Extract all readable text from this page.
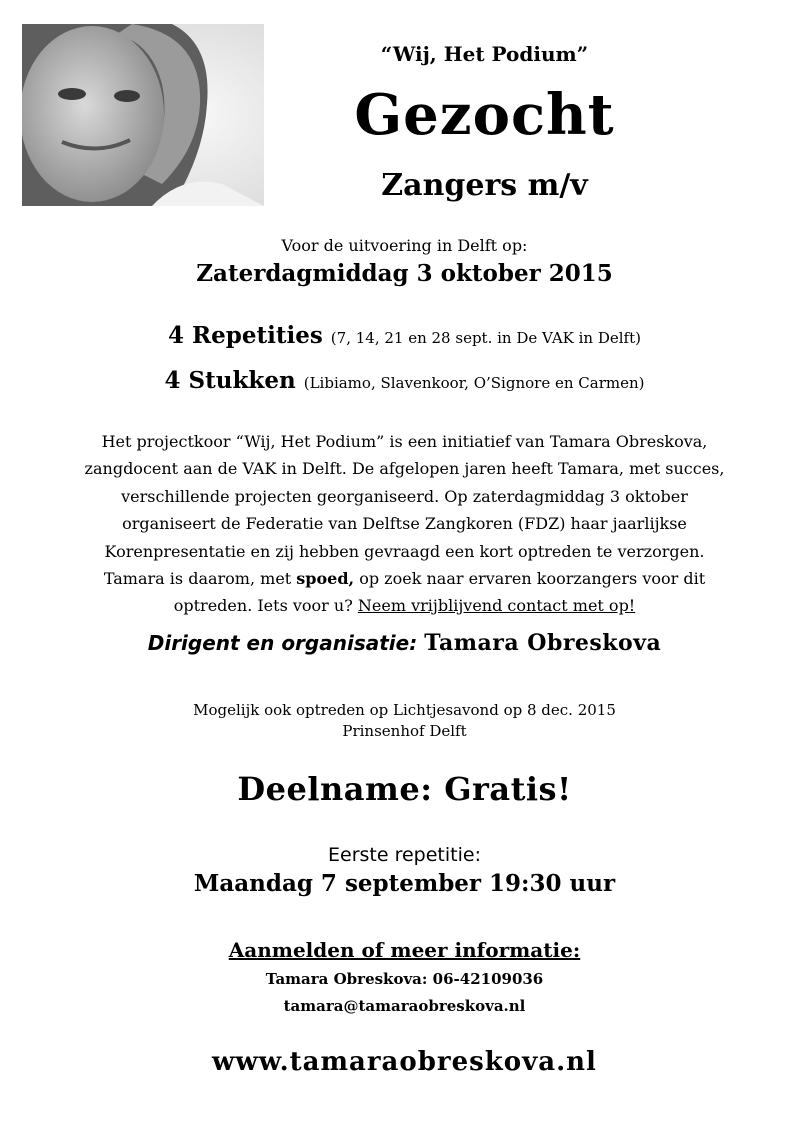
“Wij, Het Podium”
Gezocht
Zangers m/v
Voor de uitvoering in Delft op:
Zaterdagmiddag 3 oktober 2015
4 Repetities (7, 14, 21 en 28 sept. in De VAK in Delft)
4 Stukken (Libiamo, Slavenkoor, O’Signore en Carmen)
Het projectkoor “Wij, Het Podium” is een initiatief van Tamara Obreskova,
zangdocent aan de VAK in Delft. De afgelopen jaren heeft Tamara, met succes,
verschillende projecten georganiseerd. Op zaterdagmiddag 3 oktober
organiseert de Federatie van Delftse Zangkoren (FDZ) haar jaarlijkse
Korenpresentatie en zij hebben gevraagd een kort optreden te verzorgen.
Tamara is daarom, met spoed, op zoek naar ervaren koorzangers voor dit
optreden. Iets voor u? Neem vrijblijvend contact met op!
Dirigent en organisatie: Tamara Obreskova
Mogelijk ook optreden op Lichtjesavond op 8 dec. 2015
Prinsenhof Delft
Deelname: Gratis!
Eerste repetitie:
Maandag 7 september 19:30 uur
Aanmelden of meer informatie:
Tamara Obreskova: 06-42109036
tamara@tamaraobreskova.nl
www.tamaraobreskova.nl
